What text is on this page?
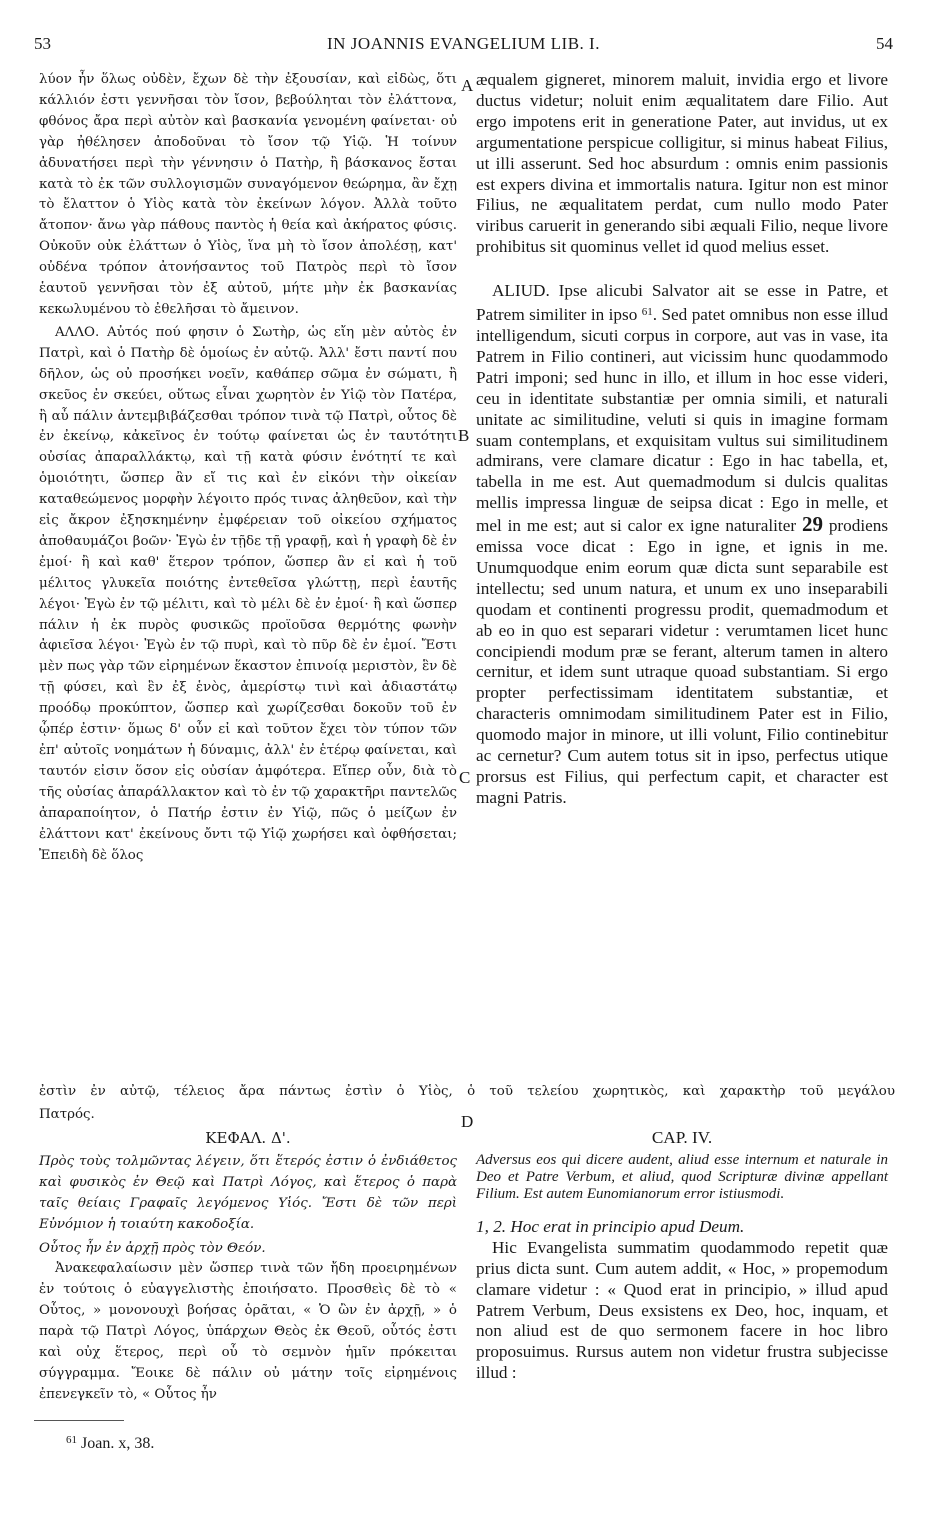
53	IN JOANNIS EVANGELIUM LIB. I.	54
A
B
C
D

λύον ἦν ὅλως οὐδὲν, ἔχων δὲ τὴν ἐξουσίαν, καὶ εἰδὼς, ὅτι κάλλιόν ἐστι γεννῆσαι τὸν ἴσον, βεβούληται τὸν ἐλάττονα, φθόνος ἄρα περὶ αὐτὸν καὶ βασκανία γενομένη φαίνεται· οὐ γὰρ ἠθέλησεν ἀποδοῦναι τὸ ἴσον τῷ Υἱῷ. Ἡ τοίνυν ἀδυνατήσει περὶ τὴν γέννησιν ὁ Πατὴρ, ἢ βάσκανος ἔσται κατὰ τὸ ἐκ τῶν συλλογισμῶν συναγόμενον θεώρημα, ἂν ἔχῃ τὸ ἔλαττον ὁ Υἱὸς κατὰ τὸν ἐκείνων λόγον. Ἀλλὰ τοῦτο ἄτοπον· ἄνω γὰρ πάθους παντὸς ἡ θεία καὶ ἀκήρατος φύσις. Οὐκοῦν οὐκ ἐλάττων ὁ Υἱὸς, ἵνα μὴ τὸ ἴσον ἀπολέσῃ, κατ' οὐδένα τρόπον ἀτονήσαντος τοῦ Πατρὸς περὶ τὸ ἴσον ἑαυτοῦ γεννῆσαι τὸν ἐξ αὐτοῦ, μήτε μὴν ἐκ βασκανίας κεκωλυμένου τὸ ἐθελῆσαι τὸ ἄμεινον.

ΑΛΛΟ. Αὐτός πού φησιν ὁ Σωτὴρ, ὡς εἴη μὲν αὐτὸς ἐν Πατρὶ, καὶ ὁ Πατὴρ δὲ ὁμοίως ἐν αὐτῷ. Ἀλλ' ἔστι παντί που δῆλον, ὡς οὐ προσήκει νοεῖν, καθάπερ σῶμα ἐν σώματι, ἢ σκεῦος ἐν σκεύει, οὕτως εἶναι χωρητὸν ἐν Υἱῷ τὸν Πατέρα, ἢ αὖ πάλιν ἀντεμβιβάζεσθαι τρόπον τινὰ τῷ Πατρὶ, οὗτος δὲ ἐν ἐκείνῳ, κἀκεῖνος ἐν τούτῳ φαίνεται ὡς ἐν ταυτότητι οὐσίας ἀπαραλλάκτῳ, καὶ τῇ κατὰ φύσιν ἑνότητί τε καὶ ὁμοιότητι, ὥσπερ ἂν εἴ τις καὶ ἐν εἰκόνι τὴν οἰκείαν καταθεώμενος μορφὴν λέγοιτο πρός τινας ἀληθεῦον, καὶ τὴν εἰς ἄκρον ἐξησκημένην ἐμφέρειαν τοῦ οἰκείου σχήματος ἀποθαυμάζοι βοῶν· Ἐγὼ ἐν τῇδε τῇ γραφῇ, καὶ ἡ γραφὴ δὲ ἐν ἐμοί· ἢ καὶ καθ' ἕτερον τρόπον, ὥσπερ ἂν εἰ καὶ ἡ τοῦ μέλιτος γλυκεῖα ποιότης ἐντεθεῖσα γλώττῃ, περὶ ἑαυτῆς λέγοι· Ἐγὼ ἐν τῷ μέλιτι, καὶ τὸ μέλι δὲ ἐν ἐμοί· ἢ καὶ ὥσπερ πάλιν ἡ ἐκ πυρὸς φυσικῶς προϊοῦσα θερμότης φωνὴν ἀφιεῖσα λέγοι· Ἐγὼ ἐν τῷ πυρὶ, καὶ τὸ πῦρ δὲ ἐν ἐμοί. Ἔστι μὲν πως γὰρ τῶν εἰρημένων ἕκαστον ἐπινοίᾳ μεριστὸν, ἓν δὲ τῇ φύσει, καὶ ἓν ἐξ ἑνὸς, ἀμερίστῳ τινὶ καὶ ἀδιαστάτῳ προόδῳ προκύπτον, ὥσπερ καὶ χωρίζεσθαι δοκοῦν τοῦ ἐν ᾧπέρ ἐστιν· ὅμως δ' οὖν εἰ καὶ τοῦτον ἔχει τὸν τύπον τῶν ἐπ' αὐτοῖς νοημάτων ἡ δύναμις, ἀλλ' ἐν ἑτέρῳ φαίνεται, καὶ ταυτόν εἰσιν ὅσον εἰς οὐσίαν ἀμφότερα. Εἴπερ οὖν, διὰ τὸ τῆς οὐσίας ἀπαράλλακτον καὶ τὸ ἐν τῷ χαρακτῆρι παντελῶς ἀπαραποίητον, ὁ Πατήρ ἐστιν ἐν Υἱῷ, πῶς ὁ μείζων ἐν ἐλάττονι κατ' ἐκείνους ὄντι τῷ Υἱῷ χωρήσει καὶ ὀφθήσεται; Ἐπειδὴ δὲ ὅλος

æqualem gigneret, minorem maluit, invidia ergo et livore ductus videtur; noluit enim æqualitatem dare Filio. Aut ergo impotens erit in generatione Pater, aut invidus, ut ex argumentatione perspicue colligitur, si minus habeat Filius, ut illi asserunt. Sed hoc absurdum : omnis enim passionis est expers divina et immortalis natura. Igitur non est minor Filius, ne æqualitatem perdat, cum nullo modo Pater viribus caruerit in generando sibi æquali Filio, neque livore prohibitus sit quominus vellet id quod melius esset.

ALIUD. Ipse alicubi Salvator ait se esse in Patre, et Patrem similiter in ipso $^{61}$. Sed patet omnibus non esse illud intelligendum, sicuti corpus in corpore, aut vas in vase, ita Patrem in Filio contineri, aut vicissim hunc quodammodo Patri imponi; sed hunc in illo, et illum in hoc esse videri, ceu in identitate substantiæ per omnia simili, et naturali unitate ac similitudine, veluti si quis in imagine formam suam contemplans, et exquisitam vultus sui similitudinem admirans, vere clamare dicatur : Ego in hac tabella, et, tabella in me est. Aut quemadmodum si dulcis qualitas mellis impressa linguæ de seipsa dicat : Ego in melle, et mel in me est; aut si calor ex igne naturaliter 29 prodiens emissa voce dicat : Ego in igne, et ignis in me. Unumquodque enim eorum quæ dicta sunt separabile est intellectu; sed unum natura, et unum ex uno inseparabili quodam et continenti progressu prodit, quemadmodum et ab eo in quo est separari videtur : verumtamen licet hunc concipiendi modum præ se ferant, alterum tamen in altero cernitur, et idem sunt utraque quoad substantiam. Si ergo propter perfectissimam identitatem substantiæ, et characteris omnimodam similitudinem Pater est in Filio, quomodo major in minore, ut illi volunt, Filio continebitur ac cernetur? Cum autem totus sit in ipso, perfectus utique prorsus est Filius, qui perfectum capit, et character est magni Patris.

ἐστὶν ἐν αὐτῷ, τέλειος ἄρα πάντως ἐστὶν ὁ Υἱὸς, ὁ τοῦ τελείου χωρητικὸς, καὶ χαρακτὴρ τοῦ μεγάλου
Πατρός.

ΚΕΦΑΛ. Δ'.

Πρὸς τοὺς τολμῶντας λέγειν, ὅτι ἕτερός ἐστιν ὁ ἐνδιάθετος καὶ φυσικὸς ἐν Θεῷ καὶ Πατρὶ Λόγος, καὶ ἕτερος ὁ παρὰ ταῖς θείαις Γραφαῖς λεγόμενος Υἱός. Ἔστι δὲ τῶν περὶ Εὐνόμιον ἡ τοιαύτη κακοδοξία.

Οὗτος ἦν ἐν ἀρχῇ πρὸς τὸν Θεόν.

Ἀνακεφαλαίωσιν μὲν ὥσπερ τινὰ τῶν ἤδη προειρημένων ἐν τούτοις ὁ εὐαγγελιστὴς ἐποιήσατο. Προσθεὶς δὲ τὸ « Οὗτος, » μονονουχὶ βοήσας ὁρᾶται, « Ὁ ὢν ἐν ἀρχῇ, » ὁ παρὰ τῷ Πατρὶ Λόγος, ὑπάρχων Θεὸς ἐκ Θεοῦ, οὗτός ἐστι καὶ οὐχ ἕτερος, περὶ οὗ τὸ σεμνὸν ἡμῖν πρόκειται σύγγραμμα. Ἔοικε δὲ πάλιν οὐ μάτην τοῖς εἰρημένοις ἐπενεγκεῖν τὸ, « Οὗτος ἦν

CAP. IV.

Adversus eos qui dicere audent, aliud esse internum et naturale in Deo et Patre Verbum, et aliud, quod Scripturæ divinæ appellant Filium. Est autem Eunomianorum error istiusmodi.

1, 2. Hoc erat in principio apud Deum.

Hic Evangelista summatim quodammodo repetit quæ prius dicta sunt. Cum autem addit, « Hoc, » propemodum clamare videtur : « Quod erat in principio, » illud apud Patrem Verbum, Deus exsistens ex Deo, hoc, inquam, et non aliud est de quo sermonem facere in hoc libro proposuimus. Rursus autem non videtur frustra subjecisse illud :

$^{61}$ Joan. x, 38.
